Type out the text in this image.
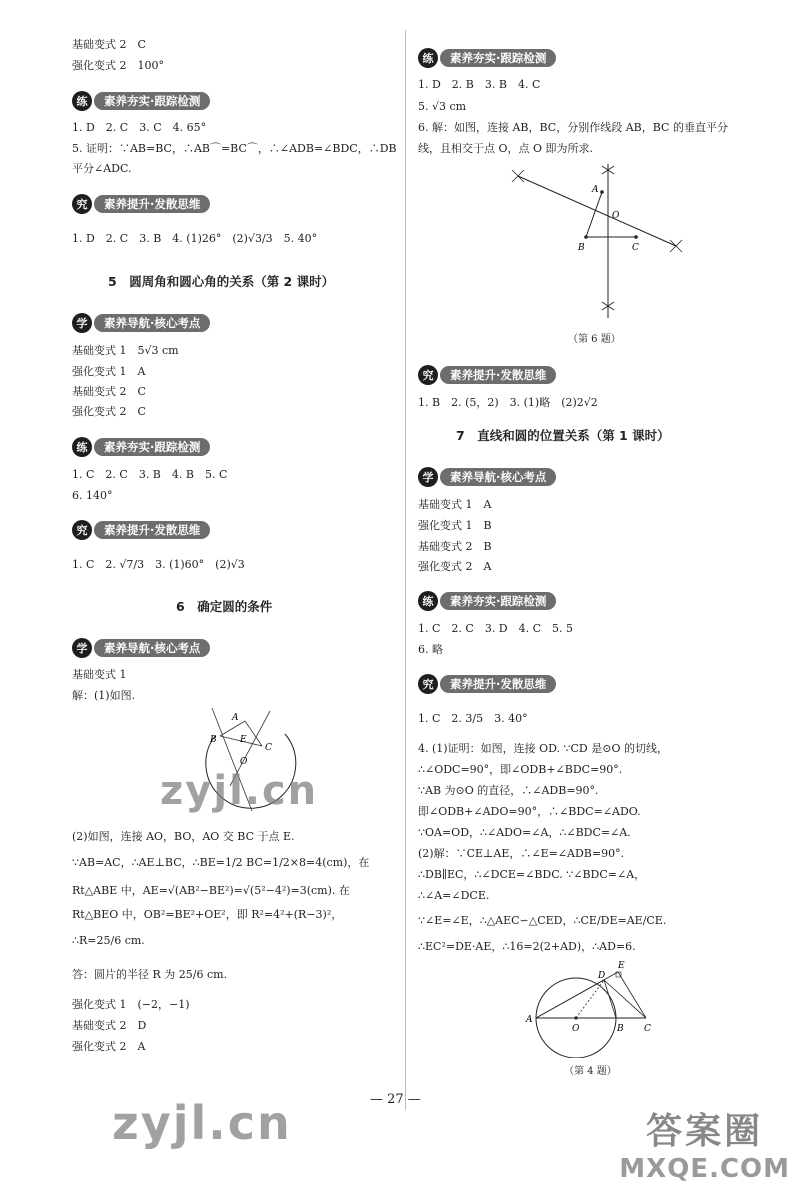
基础变式 2　C
强化变式 2　100°
练	素养夯实·跟踪检测
1. D　2. C　3. C　4. 65°
5. 证明：∵AB=BC，∴AB⌒=BC⌒，∴∠ADB=∠BDC，∴DB
平分∠ADC.
究	素养提升·发散思维
1. D　2. C　3. B　4. (1)26°　(2)√3/3　5. 40°
5　圆周角和圆心角的关系（第 2 课时）
学	素养导航·核心考点
基础变式 1　5√3 cm
强化变式 1　A
基础变式 2　C
强化变式 2　C
练	素养夯实·跟踪检测
1. C　2. C　3. B　4. B　5. C
6. 140°
究	素养提升·发散思维
1. C　2. √7/3　3. (1)60°　(2)√3
6　确定圆的条件
学	素养导航·核心考点
基础变式 1
解：(1)如图.
A
B
C
E
O
(2)如图，连接 AO，BO，AO 交 BC 于点 E.
∵AB=AC，∴AE⊥BC，∴BE=1/2 BC=1/2×8=4(cm)，在
Rt△ABE 中，AE=√(AB²−BE²)=√(5²−4²)=3(cm). 在
Rt△BEO 中，OB²=BE²+OE²，即 R²=4²+(R−3)²，
∴R=25/6 cm.
答：圆片的半径 R 为 25/6 cm.
强化变式 1　(−2，−1)
基础变式 2　D
强化变式 2　A
练	素养夯实·跟踪检测
1. D　2. B　3. B　4. C
5. √3 cm
6. 解：如图，连接 AB，BC，分别作线段 AB，BC 的垂直平分
线，且相交于点 O，点 O 即为所求.
A
O
B	C
（第 6 题）
究	素养提升·发散思维
1. B　2. (5，2)　3. (1)略　(2)2√2
7　直线和圆的位置关系（第 1 课时）
学	素养导航·核心考点
基础变式 1　A
强化变式 1　B
基础变式 2　B
强化变式 2　A
练	素养夯实·跟踪检测
1. C　2. C　3. D　4. C　5. 5
6. 略
究	素养提升·发散思维
1. C　2. 3/5　3. 40°
4. (1)证明：如图，连接 OD. ∵CD 是⊙O 的切线，
∴∠ODC=90°，即∠ODB+∠BDC=90°.
∵AB 为⊙O 的直径，∴∠ADB=90°.
即∠ODB+∠ADO=90°，∴∠BDC=∠ADO.
∵OA=OD，∴∠ADO=∠A，∴∠BDC=∠A.
(2)解：∵CE⊥AE，∴∠E=∠ADB=90°.
∴DB∥EC，∴∠DCE=∠BDC. ∵∠BDC=∠A，
∴∠A=∠DCE.
∵∠E=∠E，∴△AEC∽△CED，∴CE/DE=AE/CE.
∴EC²=DE·AE，∴16=2(2+AD)，∴AD=6.
A
O	B C
D
E
（第 4 题）
— 27 —
zyjl.cn
zyjl.cn	答案圈
MXQE.COM
